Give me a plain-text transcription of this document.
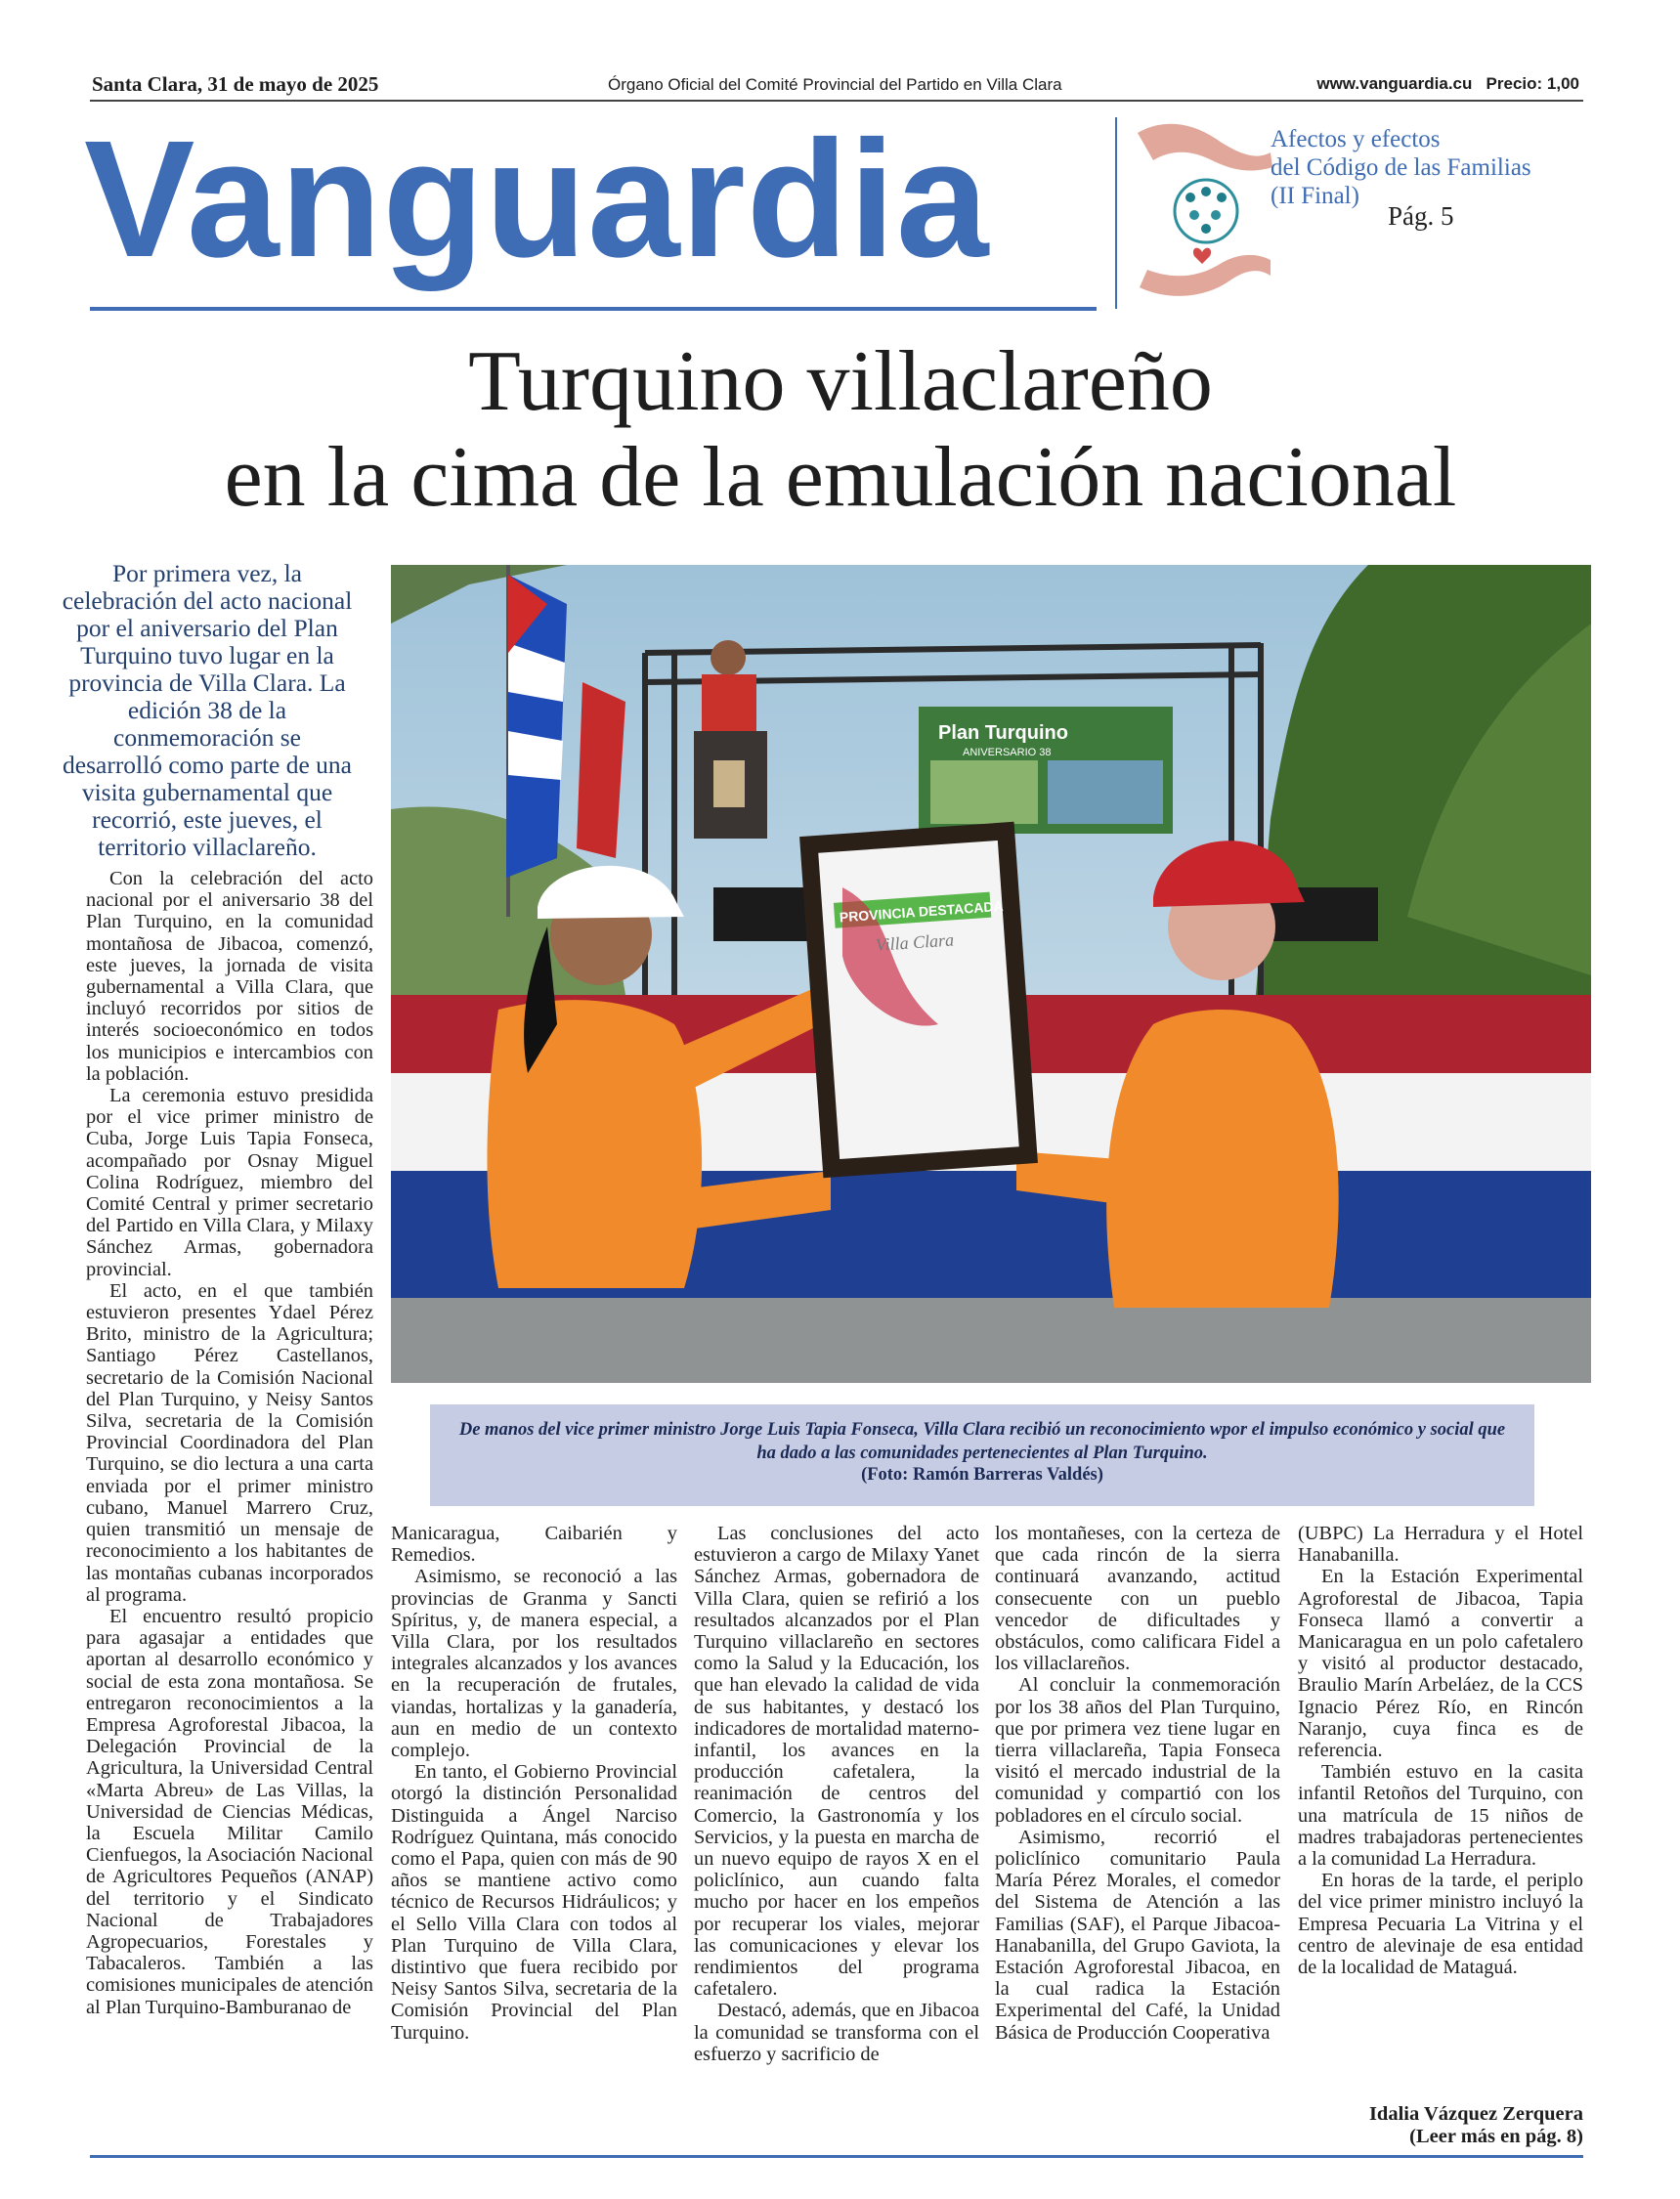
Santa Clara, 31 de mayo de 2025	Órgano Oficial del Comité Provincial del Partido en Villa Clara	www.vanguardia.cu   Precio: 1,00
Vanguardia	Afectos y efectos
del Código de las Familias
(II Final)
Pág. 5
Turquino villaclareño
en la cima de la emulación nacional
Por primera vez, la celebración del acto nacional por el aniversario del Plan Turquino tuvo lugar en la provincia de Villa Clara. La edición 38 de la conmemoración se desarrolló como parte de una visita gubernamental que recorrió, este jueves, el territorio villaclareño.
Plan Turquino
ANIVERSARIO 38
PROVINCIA DESTACADA
Villa Clara
De manos del vice primer ministro Jorge Luis Tapia Fonseca, Villa Clara recibió un reconocimiento wpor el impulso económico y social que ha dado a las comunidades pertenecientes al Plan Turquino.
(Foto: Ramón Barreras Valdés)

Con la celebración del acto nacional por el aniversario 38 del Plan Turquino, en la comunidad montañosa de Jibacoa, comenzó, este jueves, la jornada de visita gubernamental a Villa Clara, que incluyó recorridos por sitios de interés socioeconómico en todos los municipios e intercambios con la población.

La ceremonia estuvo presidida por el vice primer ministro de Cuba, Jorge Luis Tapia Fonseca, acompañado por Osnay Miguel Colina Rodríguez, miembro del Comité Central y primer secretario del Partido en Villa Clara, y Milaxy Sánchez Armas, gobernadora provincial.

El acto, en el que también estuvieron presentes Ydael Pérez Brito, ministro de la Agricultura; Santiago Pérez Castellanos, secretario de la Comisión Nacional del Plan Turquino, y Neisy Santos Silva, secretaria de la Comisión Provincial Coordinadora del Plan Turquino, se dio lectura a una carta enviada por el primer ministro cubano, Manuel Marrero Cruz, quien transmitió un mensaje de reconocimiento a los habitantes de las montañas cubanas incorporados al programa.

El encuentro resultó propicio para agasajar a entidades que aportan al desarrollo económico y social de esta zona montañosa. Se entregaron reconocimientos a la Empresa Agroforestal Jibacoa, la Delegación Provincial de la Agricultura, la Universidad Central «Marta Abreu» de Las Villas, la Universidad de Ciencias Médicas, la Escuela Militar Camilo Cienfuegos, la Asociación Nacional de Agricultores Pequeños (ANAP) del territorio y el Sindicato Nacional de Trabajadores Agropecuarios, Forestales y Tabacaleros. También a las comisiones municipales de atención al Plan Turquino-Bamburanao de

Manicaragua, Caibarién y Remedios.

Asimismo, se reconoció a las provincias de Granma y Sancti Spíritus, y, de manera especial, a Villa Clara, por los resultados integrales alcanzados y los avances en la recuperación de frutales, viandas, hortalizas y la ganadería, aun en medio de un contexto complejo.

En tanto, el Gobierno Provincial otorgó la distinción Personalidad Distinguida a Ángel Narciso Rodríguez Quintana, más conocido como el Papa, quien con más de 90 años se mantiene activo como técnico de Recursos Hidráulicos; y el Sello Villa Clara con todos al Plan Turquino de Villa Clara, distintivo que fuera recibido por Neisy Santos Silva, secretaria de la Comisión Provincial del Plan Turquino.

Las conclusiones del acto estuvieron a cargo de Milaxy Yanet Sánchez Armas, gobernadora de Villa Clara, quien se refirió a los resultados alcanzados por el Plan Turquino villaclareño en sectores como la Salud y la Educación, los que han elevado la calidad de vida de sus habitantes, y destacó los indicadores de mortalidad materno-infantil, los avances en la producción cafetalera, la reanimación de centros del Comercio, la Gastronomía y los Servicios, y la puesta en marcha de un nuevo equipo de rayos X en el policlínico, aun cuando falta mucho por hacer en los empeños por recuperar los viales, mejorar las comunicaciones y elevar los rendimientos del programa cafetalero.

Destacó, además, que en Jibacoa la comunidad se transforma con el esfuerzo y sacrificio de

los montañeses, con la certeza de que cada rincón de la sierra continuará avanzando, actitud consecuente con un pueblo vencedor de dificultades y obstáculos, como calificara Fidel a los villaclareños.

Al concluir la conmemoración por los 38 años del Plan Turquino, que por primera vez tiene lugar en tierra villaclareña, Tapia Fonseca visitó el mercado industrial de la comunidad y compartió con los pobladores en el círculo social.

Asimismo, recorrió el policlínico comunitario Paula María Pérez Morales, el comedor del Sistema de Atención a las Familias (SAF), el Parque Jibacoa-Hanabanilla, del Grupo Gaviota, la Estación Agroforestal Jibacoa, en la cual radica la Estación Experimental del Café, la Unidad Básica de Producción Cooperativa

(UBPC) La Herradura y el Hotel Hanabanilla.

En la Estación Experimental Agroforestal de Jibacoa, Tapia Fonseca llamó a convertir a Manicaragua en un polo cafetalero y visitó al productor destacado, Braulio Marín Arbeláez, de la CCS Ignacio Pérez Río, en Rincón Naranjo, cuya finca es de referencia.

También estuvo en la casita infantil Retoños del Turquino, con una matrícula de 15 niños de madres trabajadoras pertenecientes a la comunidad La Herradura.

En horas de la tarde, el periplo del vice primer ministro incluyó la Empresa Pecuaria La Vitrina y el centro de alevinaje de esa entidad de la localidad de Mataguá.

Idalia Vázquez Zerquera
(Leer más en pág. 8)
